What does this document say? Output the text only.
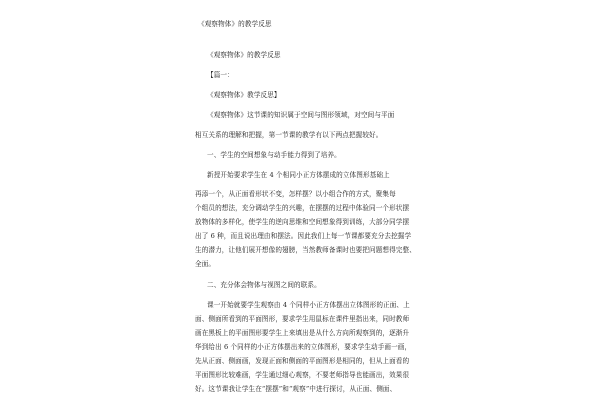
《观察物体》的教学反思
《观察物体》的教学反思
【篇一：
《观察物体》教学反思】
《观察物体》这节课的知识属于空间与图形领域，对空间与平面
相互关系的理解和把握，第一节课的教学有以下两点把握较好。
一、学生的空间想象与动手能力得到了培养。
新授开始要求学生在 4 个相同小正方体摆成的立体图形基础上
再添一个，从正面看形状不变，怎样摆？以小组合作的方式，聚集每
个组员的想法，充分调动学生的兴趣，在摆摆的过程中体验同一个形状摆
放物体的多样化，使学生的逆向思维和空间想象得到训练，大部分同学摆
出了 6 种，而且说出理由和摆法。因此我们上每一节课都要充分去挖掘学
生的潜力，让他们展开想像的翅膀，当然教师备课时也要把问题想得完整、
全面。
二、充分体会物体与视图之间的联系。
课一开始就要学生观察由 4 个同样小正方体摆出立体图形的正面、上
面、侧面所看到的平面图形，要求学生用鼠标在课件里指出来，同时教师
画在黑板上的平面图形要学生上来填出是从什么方向所观察到的，逐渐升
华到给出 6 个同样的小正方体摆出来的立体图形，要求学生动手画一画，
先从正面、侧面画，发现正面和侧面的平面图形是相同的，但从上面看的
平面图形比较难画，学生通过细心观察，不要老师指导也能画出，效果很
好。这节课我让学生在“摆摆”和“观察”中进行探讨，从正面、侧面、
